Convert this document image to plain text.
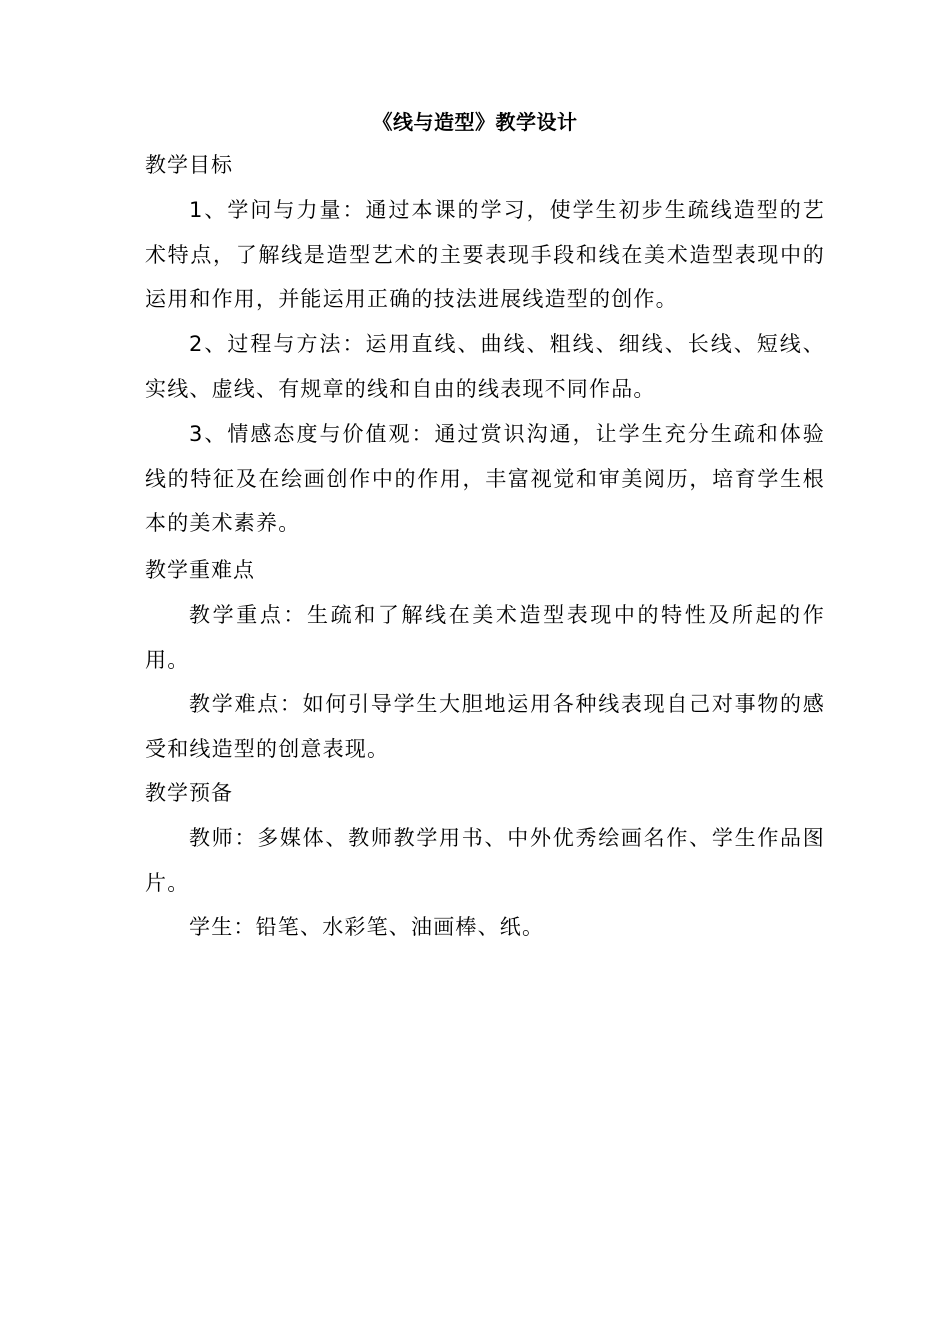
《线与造型》教学设计
教学目标

1、学问与力量：通过本课的学习，使学生初步生疏线造型的艺术特点，了解线是造型艺术的主要表现手段和线在美术造型表现中的运用和作用，并能运用正确的技法进展线造型的创作。

2、过程与方法：运用直线、曲线、粗线、细线、长线、短线、实线、虚线、有规章的线和自由的线表现不同作品。

3、情感态度与价值观：通过赏识沟通，让学生充分生疏和体验线的特征及在绘画创作中的作用，丰富视觉和审美阅历，培育学生根本的美术素养。

教学重难点

教学重点：生疏和了解线在美术造型表现中的特性及所起的作用。

教学难点：如何引导学生大胆地运用各种线表现自己对事物的感受和线造型的创意表现。

教学预备

教师：多媒体、教师教学用书、中外优秀绘画名作、学生作品图片。

学生：铅笔、水彩笔、油画棒、纸。
